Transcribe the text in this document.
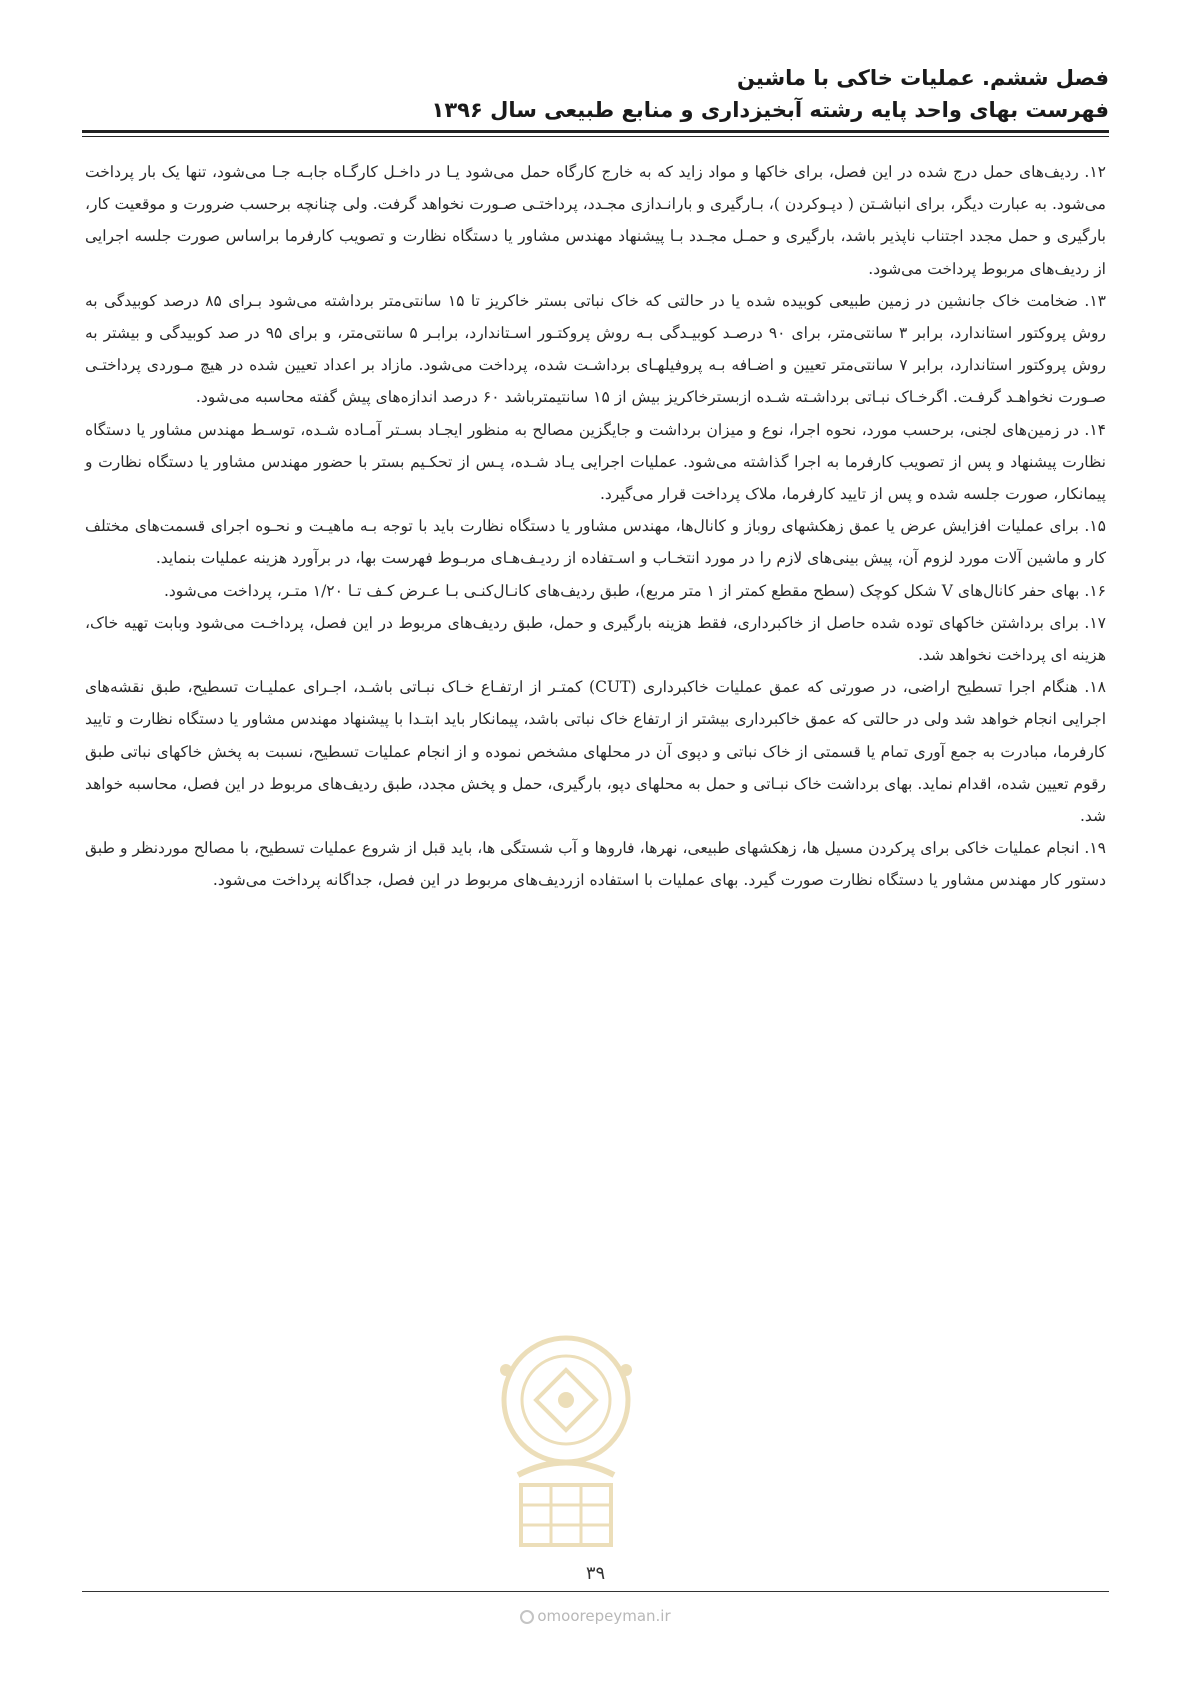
فصل ششم. عملیات خاکی با ماشین
فهرست بهای واحد پایه رشته آبخیزداری و منابع طبیعی سال ۱۳۹۶

۱۲. ردیف‌های حمل درج شده در این فصل، برای خاکها و مواد زاید که به خارج کارگاه حمل می‌شود یـا در داخـل کارگـاه جابـه جـا می‌شود، تنها یک بار پرداخت می‌شود. به عبارت دیگر، برای انباشـتن ( دپـوکردن )، بـارگیری و بارانـدازی مجـدد، پرداختـی صـورت نخواهد گرفت. ولی چنانچه برحسب ضرورت و موقعیت کار، بارگیری و حمل مجدد اجتناب ناپذیر باشد، بارگیری و حمـل مجـدد بـا پیشنهاد مهندس مشاور یا دستگاه نظارت و تصویب کارفرما براساس صورت جلسه اجرایی از ردیف‌های مربوط پرداخت می‌شود.

۱۳. ضخامت خاک جانشین در زمین طبیعی کوبیده شده یا در حالتی که خاک نباتی بستر خاکریز تا ۱۵ سانتی‌متر برداشته می‌شود بـرای ۸۵ درصد کوبیدگی به روش پروکتور استاندارد، برابر ۳ سانتی‌متر، برای ۹۰ درصـد کوبیـدگی بـه روش پروکتـور اسـتاندارد، برابـر ۵ سانتی‌متر، و برای ۹۵ در صد کوبیدگی و بیشتر به روش پروکتور استاندارد، برابر ۷ سانتی‌متر تعیین و اضـافه بـه پروفیلهـای برداشـت شده، پرداخت می‌شود. مازاد بر اعداد تعیین شده در هیچ مـوردی پرداختـی صـورت نخواهـد گرفـت. اگرخـاک نبـاتی برداشـته شـده ازبسترخاکریز بیش از ۱۵ سانتیمترباشد ۶۰ درصد اندازه‌های پیش گفته محاسبه می‌شود.

۱۴. در زمین‌های لجنی، برحسب مورد، نحوه اجرا، نوع و میزان برداشت و جایگزین مصالح به منظور ایجـاد بسـتر آمـاده شـده، توسـط مهندس مشاور یا دستگاه نظارت پیشنهاد و پس از تصویب کارفرما به اجرا گذاشته می‌شود. عملیات اجرایی یـاد شـده، پـس از تحکـیم بستر با حضور مهندس مشاور یا دستگاه نظارت و پیمانکار، صورت جلسه شده و پس از تایید کارفرما، ملاک پرداخت قرار می‌گیرد.

۱۵. برای عملیات افزایش عرض یا عمق زهکشهای روباز و کانال‌ها، مهندس مشاور یا دستگاه نظارت باید با توجه بـه ماهیـت و نحـوه اجرای قسمت‌های مختلف کار و ماشین آلات مورد لزوم آن، پیش بینی‌های لازم را در مورد انتخـاب و اسـتفاده از ردیـف‌هـای مربـوط فهرست بها، در برآورد هزینه عملیات بنماید.

۱۶. بهای حفر کانال‌های V شکل کوچک (سطح مقطع کمتر از ۱ متر مربع)، طبق ردیف‌های کانـال‌کنـی بـا عـرض کـف تـا ۱/۲۰ متـر، پرداخت می‌شود.

۱۷. برای برداشتن خاکهای توده شده حاصل از خاکبرداری، فقط هزینه بارگیری و حمل، طبق ردیف‌های مربوط در این فصل، پرداخـت می‌شود وبابت تهیه خاک، هزینه ای پرداخت نخواهد شد.

۱۸. هنگام اجرا تسطیح اراضی، در صورتی که عمق عملیات خاکبرداری (CUT) کمتـر از ارتفـاع خـاک نبـاتی باشـد، اجـرای عملیـات تسطیح، طبق نقشه‌های اجرایی انجام خواهد شد ولی در حالتی که عمق خاکبرداری بیشتر از ارتفاع خاک نباتی باشد، پیمانکار باید ابتـدا با پیشنهاد مهندس مشاور یا دستگاه نظارت و تایید کارفرما، مبادرت به جمع آوری تمام یا قسمتی از خاک نباتی و دپوی آن در محلهای مشخص نموده و از انجام عملیات تسطیح، نسبت به پخش خاکهای نباتی طبق رقوم تعیین شده، اقدام نماید. بهای برداشت خاک نبـاتی و حمل به محلهای دپو، بارگیری، حمل و پخش مجدد، طبق ردیف‌های مربوط در این فصل، محاسبه خواهد شد.

۱۹. انجام عملیات خاکی برای پرکردن مسیل ها، زهکشهای طبیعی، نهرها، فاروها و آب شستگی ها، باید قبل از شروع عملیات تسطیح، با مصالح موردنظر و طبق دستور کار مهندس مشاور یا دستگاه نظارت صورت گیرد. بهای عملیات با استفاده ازردیف‌های مربوط در این فصل، جداگانه پرداخت می‌شود.

۳۹
omoorepeyman.ir
